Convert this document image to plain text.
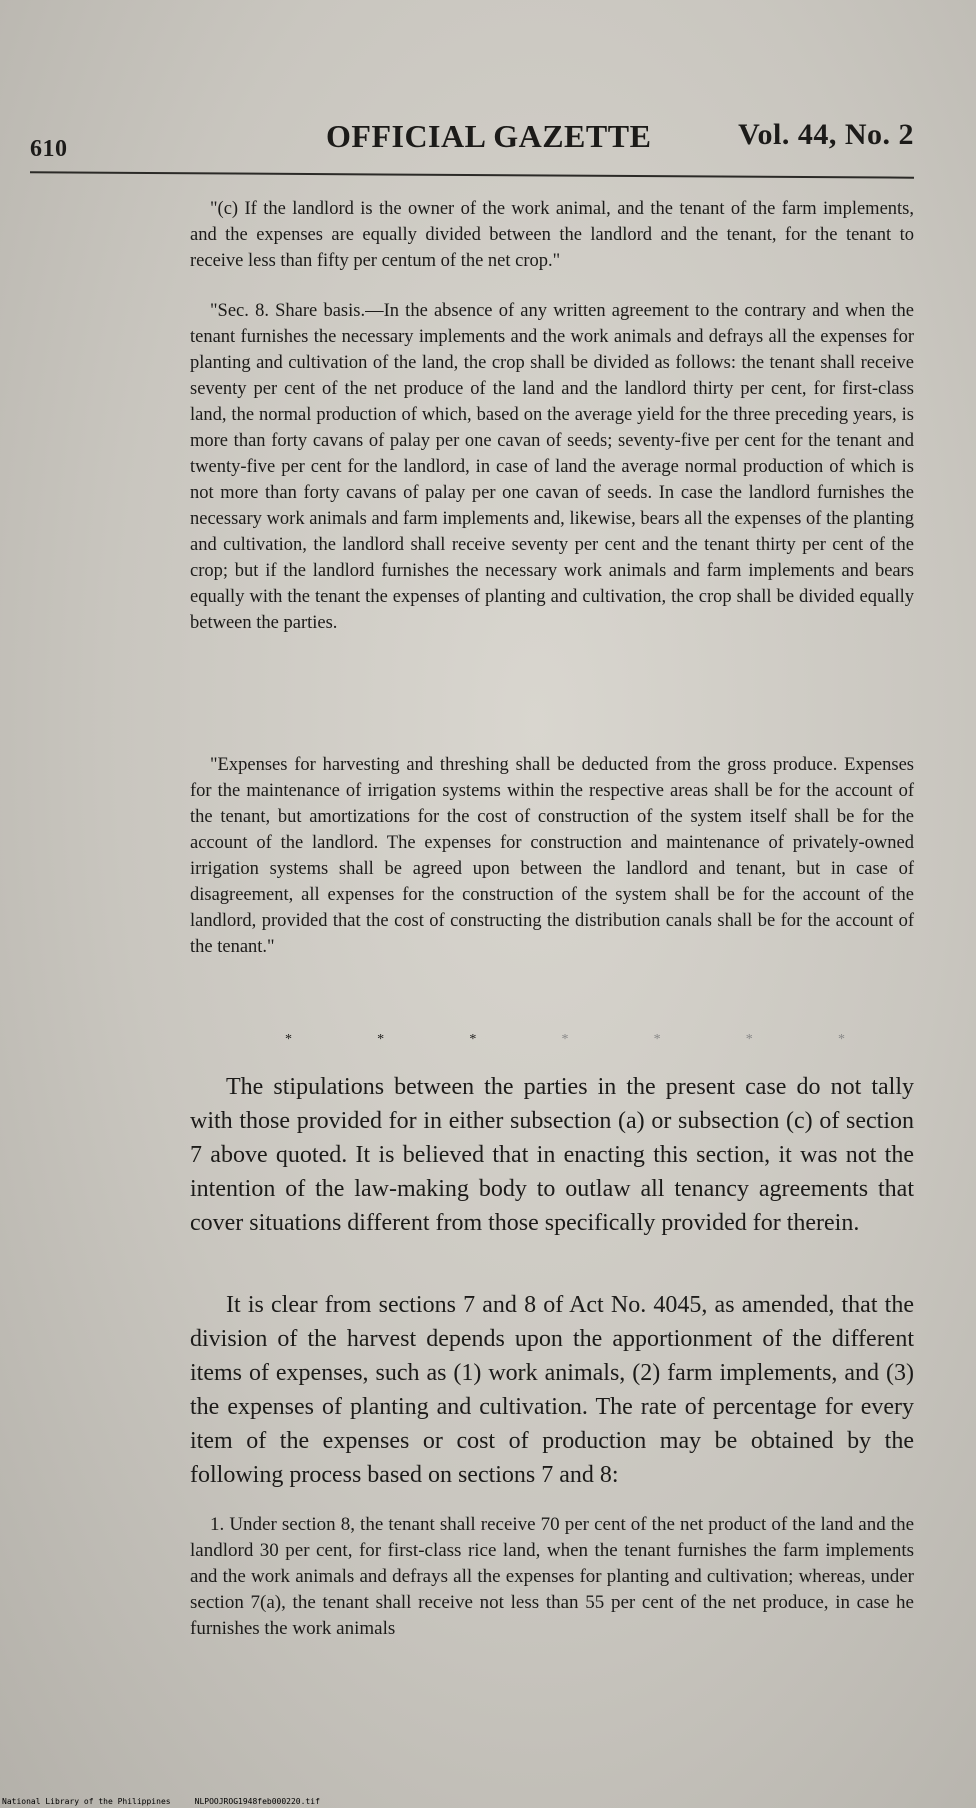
610	OFFICIAL GAZETTE	Vol. 44, No. 2

"(c) If the landlord is the owner of the work animal, and the tenant of the farm implements, and the expenses are equally divided between the landlord and the tenant, for the tenant to receive less than fifty per centum of the net crop."

"Sec. 8. Share basis.—In the absence of any written agreement to the contrary and when the tenant furnishes the necessary implements and the work animals and defrays all the expenses for planting and cultivation of the land, the crop shall be divided as follows: the tenant shall receive seventy per cent of the net produce of the land and the landlord thirty per cent, for first-class land, the normal production of which, based on the average yield for the three preceding years, is more than forty cavans of palay per one cavan of seeds; seventy-five per cent for the tenant and twenty-five per cent for the landlord, in case of land the average normal production of which is not more than forty cavans of palay per one cavan of seeds. In case the landlord furnishes the necessary work animals and farm implements and, likewise, bears all the expenses of the planting and cultivation, the landlord shall receive seventy per cent and the tenant thirty per cent of the crop; but if the landlord furnishes the necessary work animals and farm implements and bears equally with the tenant the expenses of planting and cultivation, the crop shall be divided equally between the parties.

"Expenses for harvesting and threshing shall be deducted from the gross produce. Expenses for the maintenance of irrigation systems within the respective areas shall be for the account of the tenant, but amortizations for the cost of construction of the system itself shall be for the account of the landlord. The expenses for construction and maintenance of privately-owned irrigation systems shall be agreed upon between the landlord and tenant, but in case of disagreement, all expenses for the construction of the system shall be for the account of the landlord, provided that the cost of constructing the distribution canals shall be for the account of the tenant."

*	*	*	*	*	*	*

The stipulations between the parties in the present case do not tally with those provided for in either subsection (a) or subsection (c) of section 7 above quoted. It is believed that in enacting this section, it was not the intention of the law-making body to outlaw all tenancy agreements that cover situations different from those specifically provided for therein.

It is clear from sections 7 and 8 of Act No. 4045, as amended, that the division of the harvest depends upon the apportionment of the different items of expenses, such as (1) work animals, (2) farm implements, and (3) the expenses of planting and cultivation. The rate of percentage for every item of the expenses or cost of production may be obtained by the following process based on sections 7 and 8:

1. Under section 8, the tenant shall receive 70 per cent of the net product of the land and the landlord 30 per cent, for first-class rice land, when the tenant furnishes the farm implements and the work animals and defrays all the expenses for planting and cultivation; whereas, under section 7(a), the tenant shall receive not less than 55 per cent of the net produce, in case he furnishes the work animals

National Library of the Philippines     NLPOOJROG1948feb000220.tif
